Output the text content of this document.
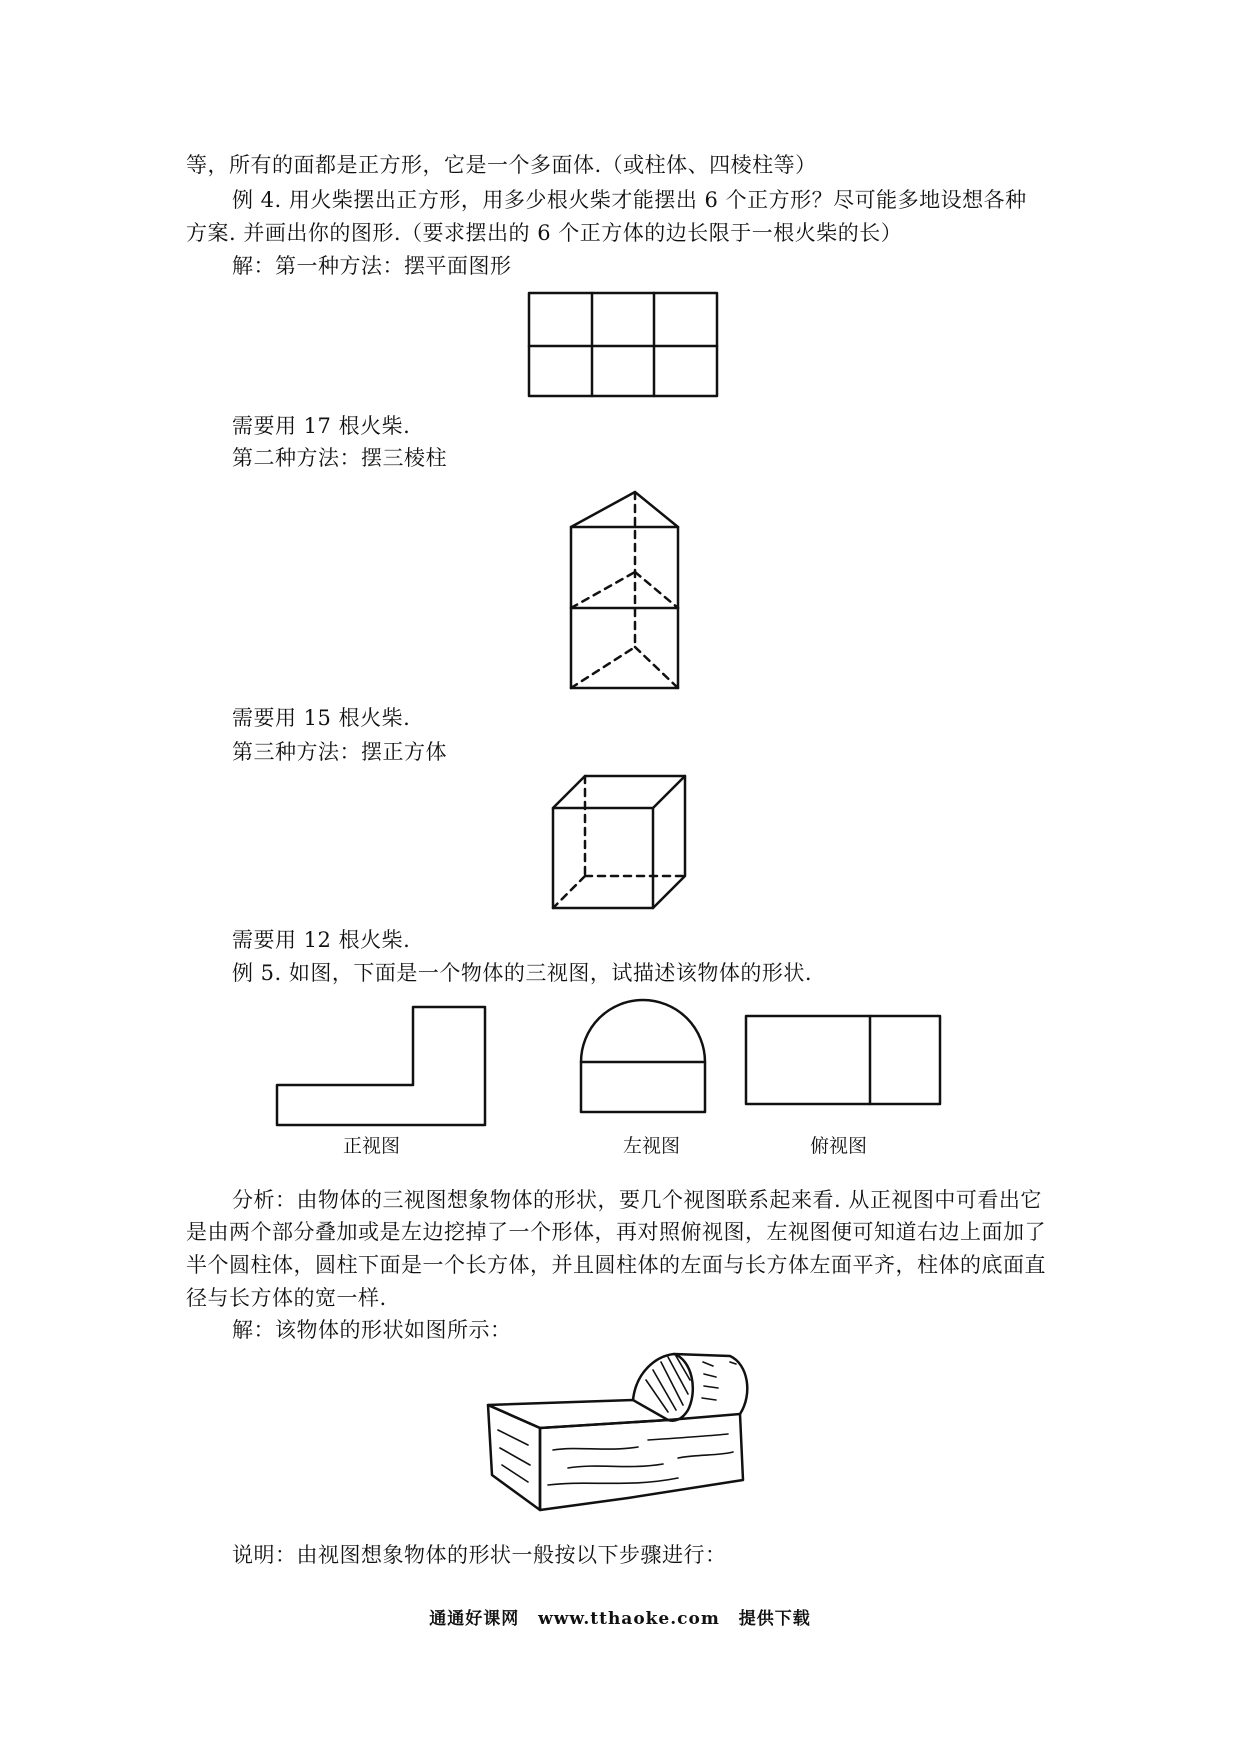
等，所有的面都是正方形，它是一个多面体.（或柱体、四棱柱等）
例 4. 用火柴摆出正方形，用多少根火柴才能摆出 6 个正方形？尽可能多地设想各种
方案. 并画出你的图形.（要求摆出的 6 个正方体的边长限于一根火柴的长）
解：第一种方法：摆平面图形
需要用 17 根火柴.
第二种方法：摆三棱柱
需要用 15 根火柴.
第三种方法：摆正方体
需要用 12 根火柴.
例 5. 如图，下面是一个物体的三视图，试描述该物体的形状.
正视图	左视图	俯视图
分析：由物体的三视图想象物体的形状，要几个视图联系起来看. 从正视图中可看出它
是由两个部分叠加或是左边挖掉了一个形体，再对照俯视图，左视图便可知道右边上面加了
半个圆柱体，圆柱下面是一个长方体，并且圆柱体的左面与长方体左面平齐，柱体的底面直
径与长方体的宽一样.
解：该物体的形状如图所示：
说明：由视图想象物体的形状一般按以下步骤进行：
通通好课网 www.tthaoke.com 提供下载
